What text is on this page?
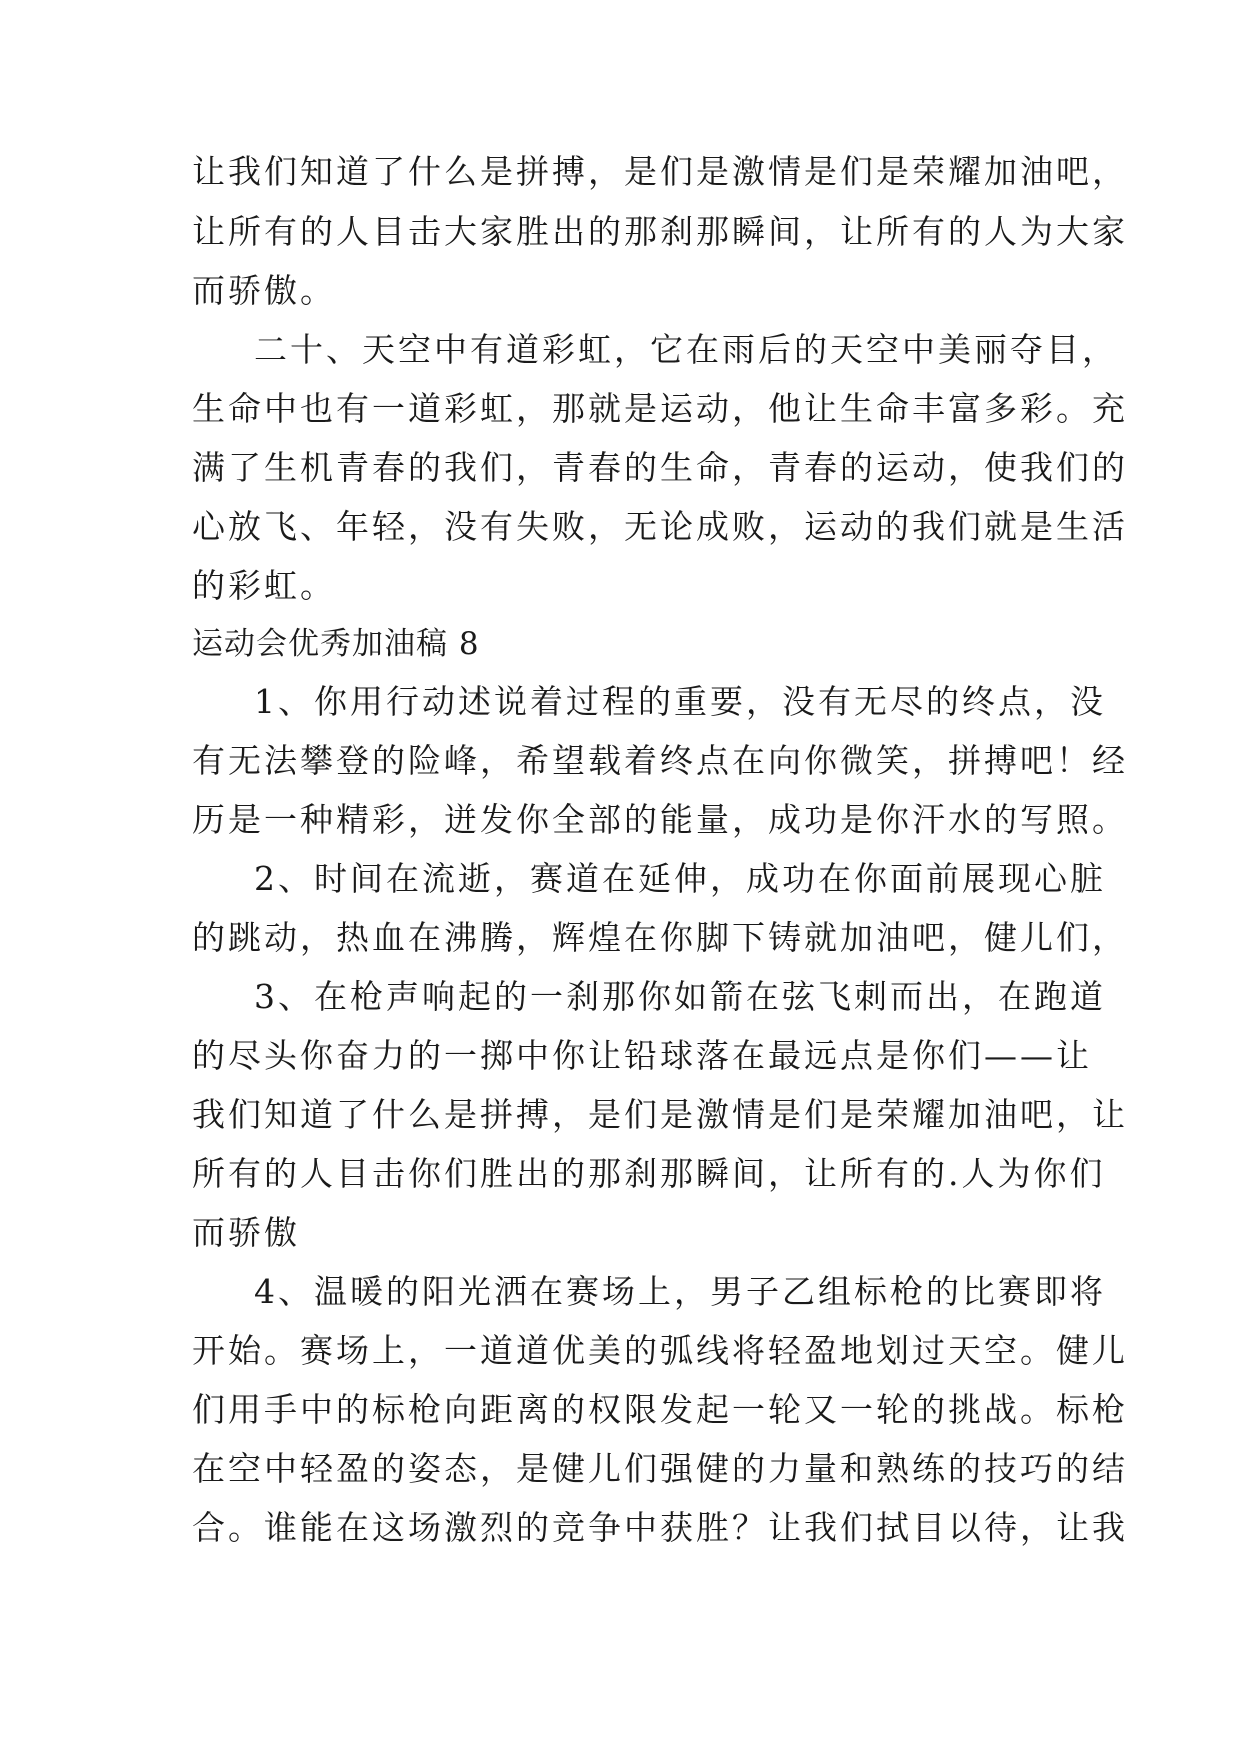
让我们知道了什么是拼搏，是们是激情是们是荣耀加油吧，
让所有的人目击大家胜出的那刹那瞬间，让所有的人为大家
而骄傲。
二十、天空中有道彩虹，它在雨后的天空中美丽夺目，
生命中也有一道彩虹，那就是运动，他让生命丰富多彩。充
满了生机青春的我们，青春的生命，青春的运动，使我们的
心放飞、年轻，没有失败，无论成败，运动的我们就是生活
的彩虹。
运动会优秀加油稿 8
1、你用行动述说着过程的重要，没有无尽的终点，没
有无法攀登的险峰，希望载着终点在向你微笑，拼搏吧！经
历是一种精彩，迸发你全部的能量，成功是你汗水的写照。
2、时间在流逝，赛道在延伸，成功在你面前展现心脏
的跳动，热血在沸腾，辉煌在你脚下铸就加油吧，健儿们，
3、在枪声响起的一刹那你如箭在弦飞刺而出，在跑道
的尽头你奋力的一掷中你让铅球落在最远点是你们——让
我们知道了什么是拼搏，是们是激情是们是荣耀加油吧，让
所有的人目击你们胜出的那刹那瞬间，让所有的.人为你们
而骄傲
4、温暖的阳光洒在赛场上，男子乙组标枪的比赛即将
开始。赛场上，一道道优美的弧线将轻盈地划过天空。健儿
们用手中的标枪向距离的权限发起一轮又一轮的挑战。标枪
在空中轻盈的姿态，是健儿们强健的力量和熟练的技巧的结
合。谁能在这场激烈的竞争中获胜？让我们拭目以待，让我
